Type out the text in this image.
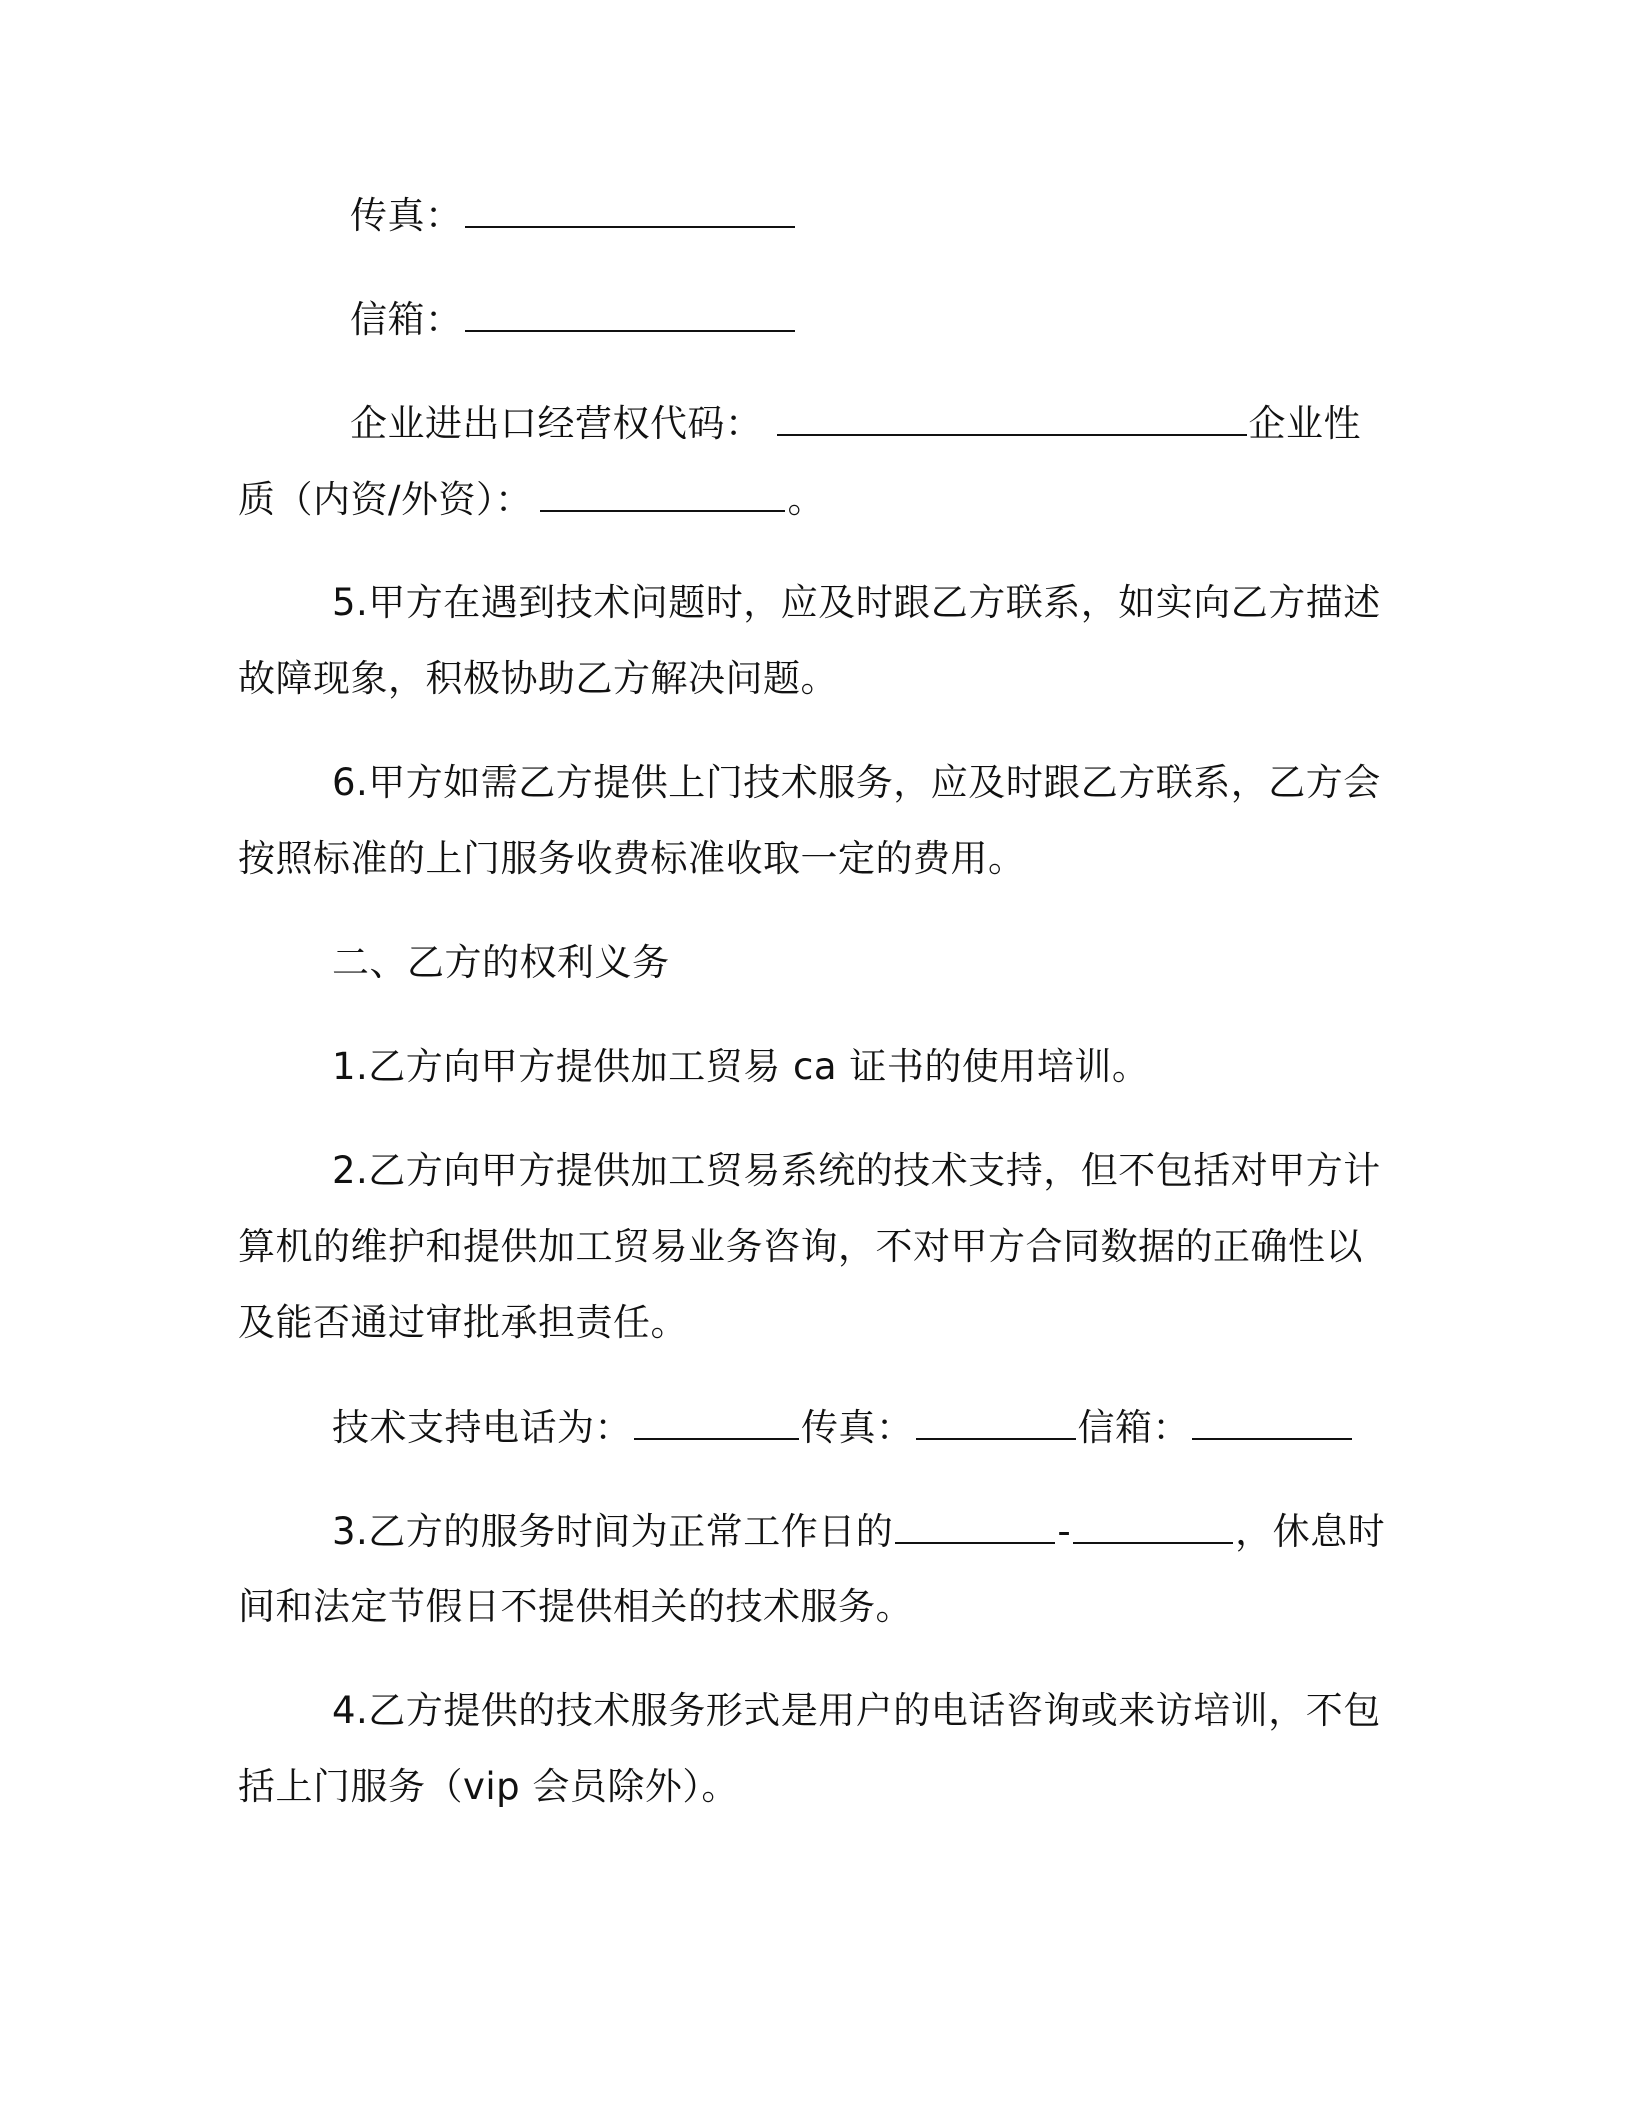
传真：
信箱：
企业进出口经营权代码：	企业性
质（内资/外资）：	。
5.甲方在遇到技术问题时，应及时跟乙方联系，如实向乙方描述
故障现象，积极协助乙方解决问题。
6.甲方如需乙方提供上门技术服务，应及时跟乙方联系，乙方会
按照标准的上门服务收费标准收取一定的费用。
二、乙方的权利义务
1.乙方向甲方提供加工贸易 ca 证书的使用培训。
2.乙方向甲方提供加工贸易系统的技术支持，但不包括对甲方计
算机的维护和提供加工贸易业务咨询，不对甲方合同数据的正确性以
及能否通过审批承担责任。
技术支持电话为：	传真：	信箱：
3.乙方的服务时间为正常工作日的	-	，休息时
间和法定节假日不提供相关的技术服务。
4.乙方提供的技术服务形式是用户的电话咨询或来访培训，不包
括上门服务（vip 会员除外）。
